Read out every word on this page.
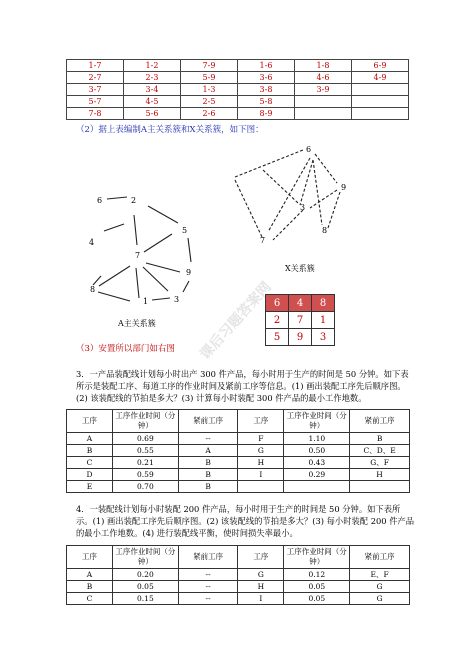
1-7	1-2	7-9	1-6	1-8	6-9
2-7	2-3	5-9	3-6	4-6	4-9
3-7	3-4	1-3	3-8	3-9	
5-7	4-5	2-5	5-8		
7-8	5-6	2-6	8-9		
（2）据上表编制A主关系簇和X关系簇，如下图：
6	2
5
4
7
9
8
1	3
A主关系簇
6
9
3
7
8
X关系簇
6	4	8
2	7	1
5	9	3
（3）安置所以部门如右图
3．一产品装配线计划每小时出产 300 件产品，每小时用于生产的时间是 50 分钟。如下表所示是装配工序、每道工序的作业时间及紧前工序等信息。(1) 画出装配工序先后顺序图。(2) 该装配线的节拍是多大？(3) 计算每小时装配 300 件产品的最小工作地数。
工序	工序作业时间（分钟）	紧前工序	工序	工序作业时间（分钟）	紧前工序
A	0.69	--	F	1.10	B
B	0.55	A	G	0.50	C、D、E
C	0.21	B	H	0.43	G、F
D	0.59	B	I	0.29	H
E	0.70	B			
4．一装配线计划每小时装配 200 件产品，每小时用于生产的时间是 50 分钟。如下表所示。(1) 画出装配工序先后顺序图。(2) 该装配线的节拍是多大？(3) 每小时装配 200 件产品的最小工作地数。(4) 进行装配线平衡，使时间损失率最小。
工序	工序作业时间（分钟）	紧前工序	工序	工序作业时间（分钟）	紧前工序
A	0.20	--	G	0.12	E、F
B	0.05	--	H	0.05	G
C	0.15	--	I	0.05	G
课后习题答案网
